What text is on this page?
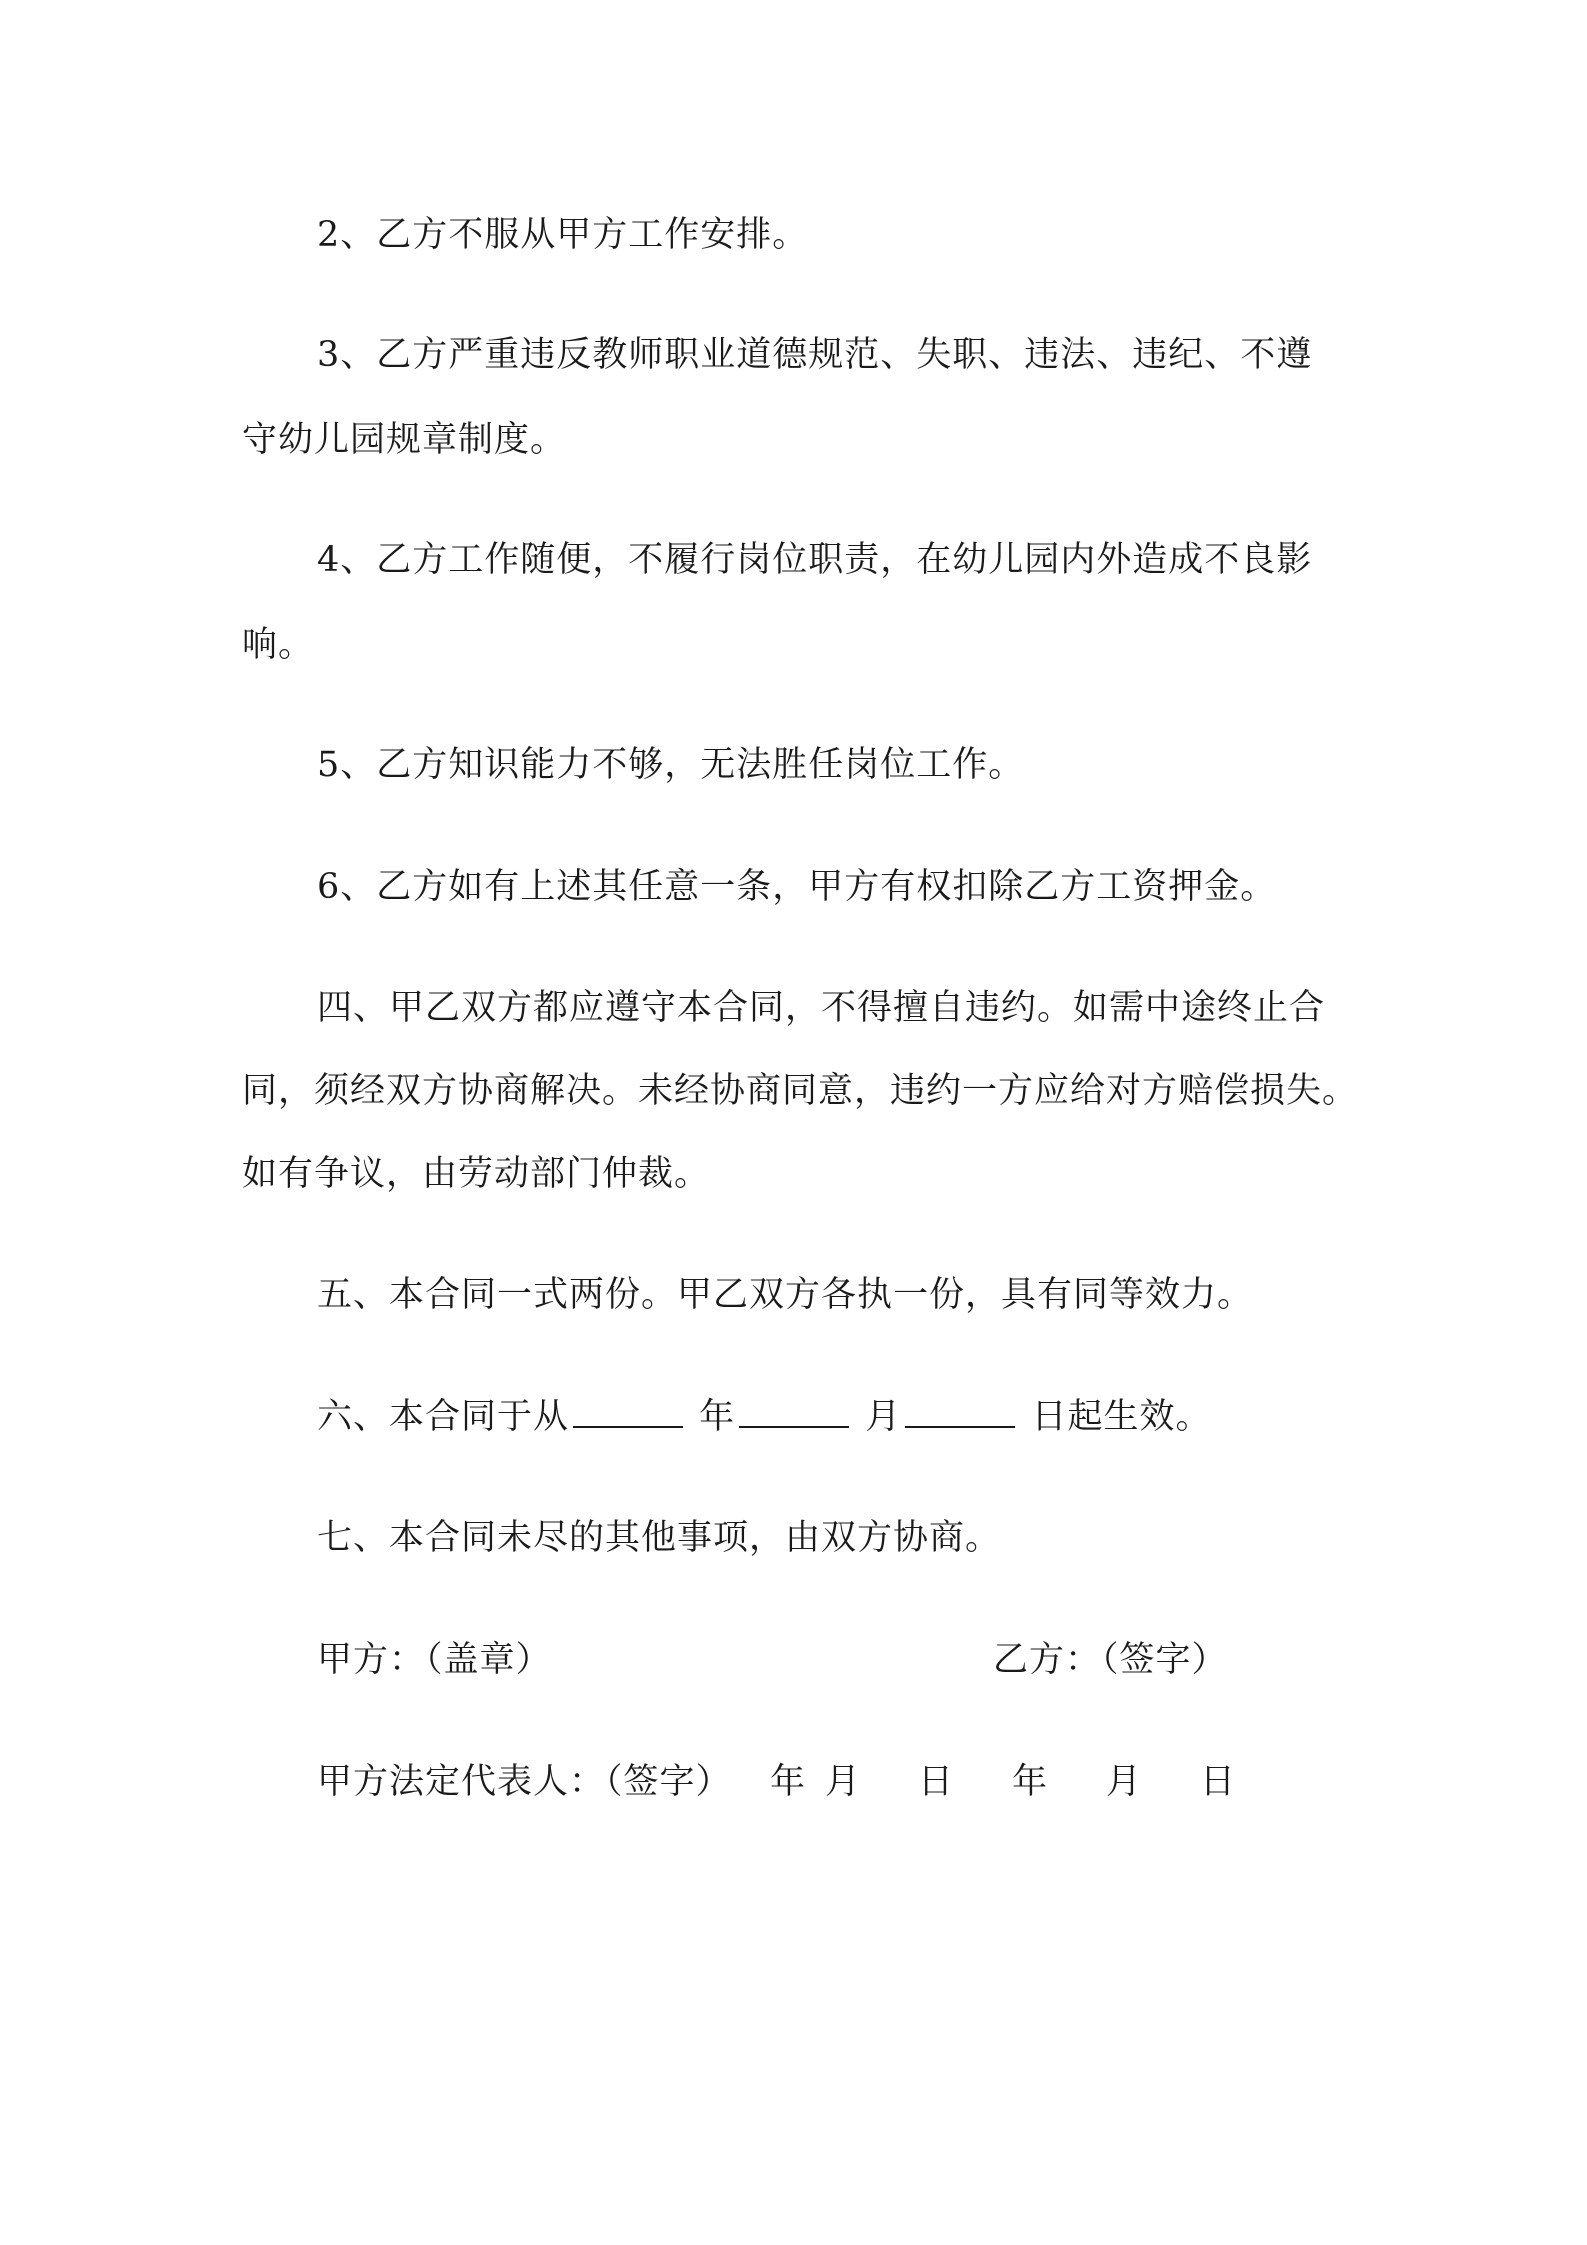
2、乙方不服从甲方工作安排。
3、乙方严重违反教师职业道德规范、失职、违法、违纪、不遵
守幼儿园规章制度。
4、乙方工作随便，不履行岗位职责，在幼儿园内外造成不良影
响。
5、乙方知识能力不够，无法胜任岗位工作。
6、乙方如有上述其任意一条，甲方有权扣除乙方工资押金。
四、甲乙双方都应遵守本合同，不得擅自违约。如需中途终止合
同，须经双方协商解决。未经协商同意，违约一方应给对方赔偿损失。
如有争议，由劳动部门仲裁。
五、本合同一式两份。甲乙双方各执一份，具有同等效力。
六、本合同于从	年	月	日起生效。
七、本合同未尽的其他事项，由双方协商。
甲方：（盖章）	乙方：（签字）
甲方法定代表人：（签字） 年 月 日 年 月 日
